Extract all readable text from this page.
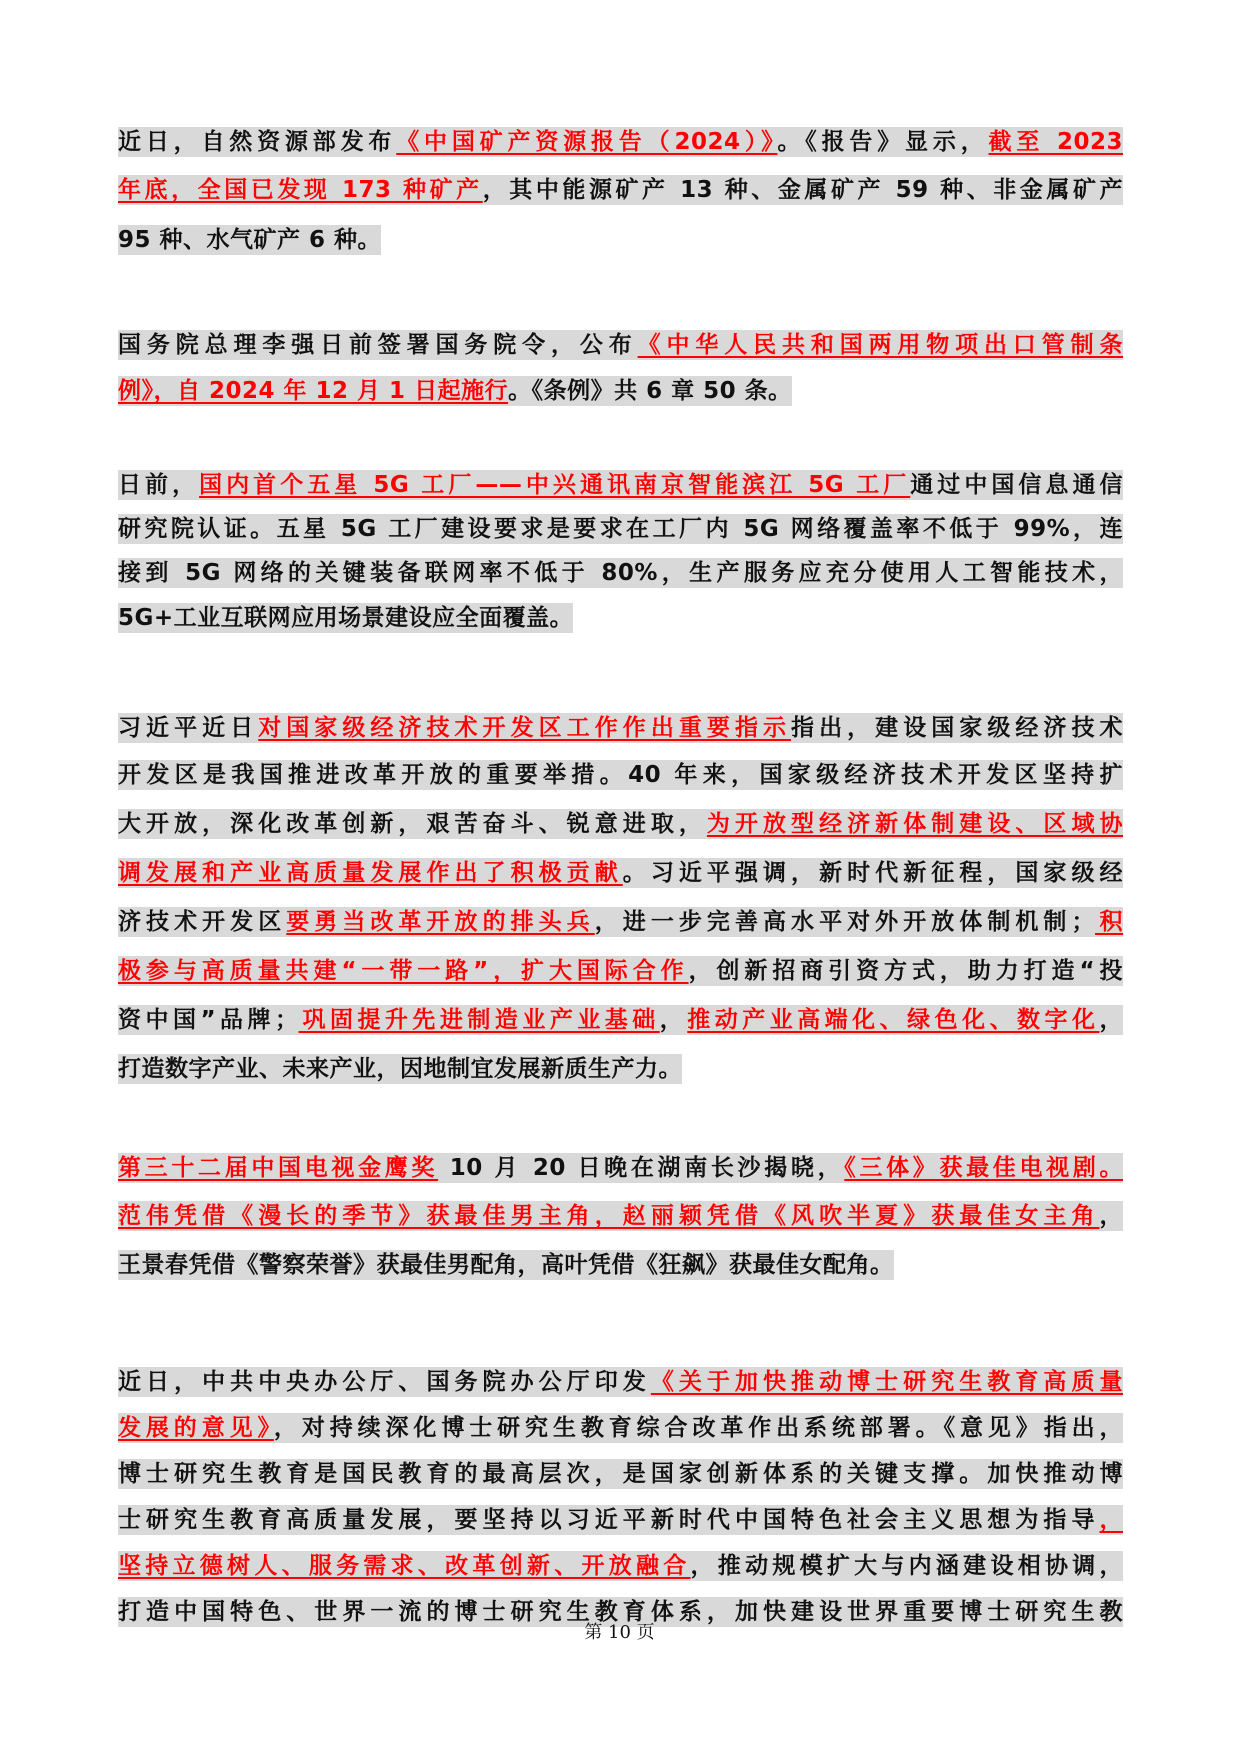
近日，自然资源部发布《中国矿产资源报告（2024）》。《报告》显示，截至 2023
年底，全国已发现 173 种矿产，其中能源矿产 13 种、金属矿产 59 种、非金属矿产
95 种、水气矿产 6 种。
国务院总理李强日前签署国务院令，公布《中华人民共和国两用物项出口管制条
例》，自 2024 年 12 月 1 日起施行。《条例》共 6 章 50 条。
日前，国内首个五星 5G 工厂——中兴通讯南京智能滨江 5G 工厂通过中国信息通信
研究院认证。五星 5G 工厂建设要求是要求在工厂内 5G 网络覆盖率不低于 99%，连
接到 5G 网络的关键装备联网率不低于 80%，生产服务应充分使用人工智能技术，
5G+工业互联网应用场景建设应全面覆盖。
习近平近日对国家级经济技术开发区工作作出重要指示指出，建设国家级经济技术
开发区是我国推进改革开放的重要举措。40 年来，国家级经济技术开发区坚持扩
大开放，深化改革创新，艰苦奋斗、锐意进取，为开放型经济新体制建设、区域协
调发展和产业高质量发展作出了积极贡献。习近平强调，新时代新征程，国家级经
济技术开发区要勇当改革开放的排头兵，进一步完善高水平对外开放体制机制；积
极参与高质量共建“一带一路”，扩大国际合作，创新招商引资方式，助力打造“投
资中国”品牌；巩固提升先进制造业产业基础，推动产业高端化、绿色化、数字化，
打造数字产业、未来产业，因地制宜发展新质生产力。
第三十二届中国电视金鹰奖 10 月 20 日晚在湖南长沙揭晓，《三体》获最佳电视剧。
范伟凭借《漫长的季节》获最佳男主角，赵丽颖凭借《风吹半夏》获最佳女主角，
王景春凭借《警察荣誉》获最佳男配角，高叶凭借《狂飙》获最佳女配角。
近日，中共中央办公厅、国务院办公厅印发《关于加快推动博士研究生教育高质量
发展的意见》，对持续深化博士研究生教育综合改革作出系统部署。《意见》指出，
博士研究生教育是国民教育的最高层次，是国家创新体系的关键支撑。加快推动博
士研究生教育高质量发展，要坚持以习近平新时代中国特色社会主义思想为指导，
坚持立德树人、服务需求、改革创新、开放融合，推动规模扩大与内涵建设相协调，
打造中国特色、世界一流的博士研究生教育体系，加快建设世界重要博士研究生教
第 10 页
